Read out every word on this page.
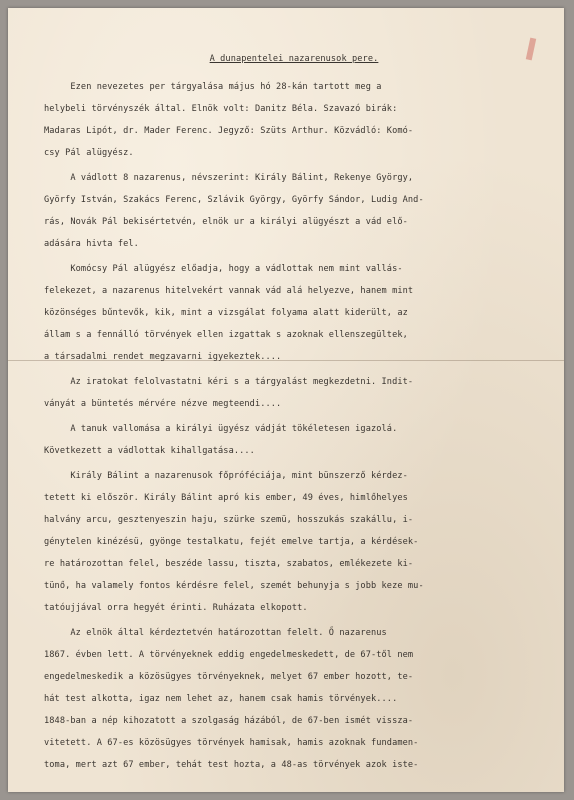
A dunapentelei nazarenusok pere.
Ezen nevezetes per tárgyalása május hó 28-kán tartott meg a
helybeli törvényszék által. Elnök volt: Danitz Béla. Szavazó birák:
Madaras Lipót, dr. Mader Ferenc. Jegyző: Szüts Arthur. Közvádló: Komó-
csy Pál alügyész.
A vádlott 8 nazarenus, névszerint: Király Bálint, Rekenye György,
Györfy István, Szakács Ferenc, Szlávik György, Györfy Sándor, Ludig And-
rás, Novák Pál bekisértetvén, elnök ur a királyi alügyészt a vád elő-
adására hivta fel.
Komócsy Pál alügyész előadja, hogy a vádlottak nem mint vallás-
felekezet, a nazarenus hitelvekért vannak vád alá helyezve, hanem mint
közönséges bűntevők, kik, mint a vizsgálat folyama alatt kiderült, az
állam s a fennálló törvények ellen izgattak s azoknak ellenszegültek,
a társadalmi rendet megzavarni igyekeztek....
Az iratokat felolvastatni kéri s a tárgyalást megkezdetni. Indit-
ványát a büntetés mérvére nézve megteendi....
A tanuk vallomása a királyi ügyész vádját tökéletesen igazolá.
Következett a vádlottak kihallgatása....
Király Bálint a nazarenusok főpróféciája, mint bünszerző kérdez-
tetett ki először. Király Bálint apró kis ember, 49 éves, himlőhelyes
halvány arcu, gesztenyeszin haju, szürke szemü, hosszukás szakállu, i-
génytelen kinézésü, gyönge testalkatu, fejét emelve tartja, a kérdések-
re határozottan felel, beszéde lassu, tiszta, szabatos, emlékezete ki-
tünő, ha valamely fontos kérdésre felel, szemét behunyja s jobb keze mu-
tatóujjával orra hegyét érinti. Ruházata elkopott.
Az elnök által kérdeztetvén határozottan felelt. Ő nazarenus
1867. évben lett. A törvényeknek eddig engedelmeskedett, de 67-től nem
engedelmeskedik a közösügyes törvényeknek, melyet 67 ember hozott, te-
hát test alkotta, igaz nem lehet az, hanem csak hamis törvények....
1848-ban a nép kihozatott a szolgaság házából, de 67-ben ismét vissza-
vitetett. A 67-es közösügyes törvények hamisak, hamis azoknak fundamen-
toma, mert azt 67 ember, tehát test hozta, a 48-as törvények azok iste-
